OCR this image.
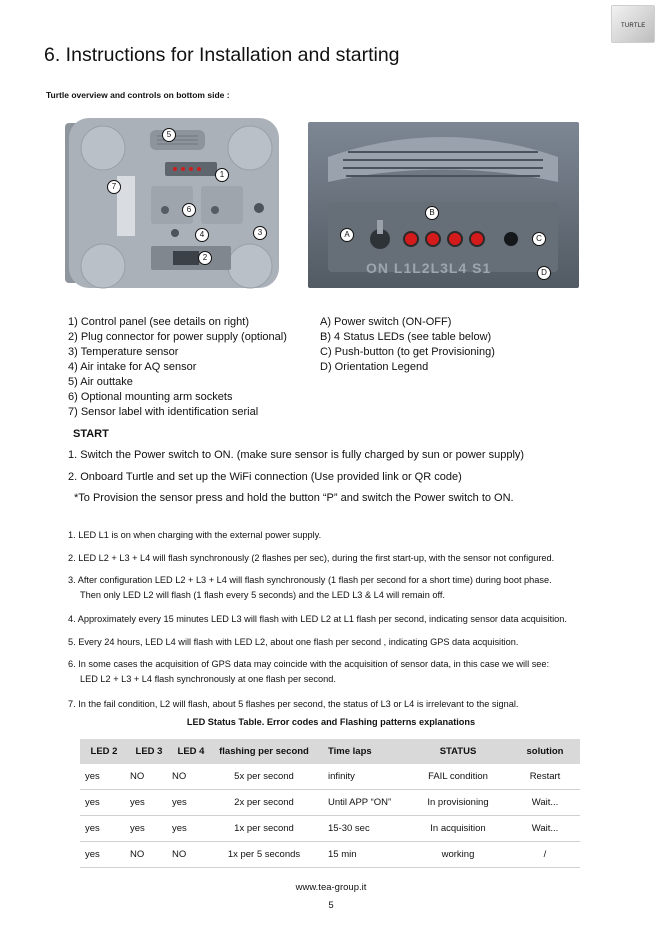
TURTLE
6. Instructions for Installation and starting
Turtle overview and controls on bottom side :
5
1
7
6
4	3
2
ON L1L2L3L4 S1
B
A	C
D
1) Control panel (see details on right)
2) Plug connector for power supply (optional)
3) Temperature sensor
4) Air intake for AQ sensor
5) Air outtake
6) Optional mounting arm sockets
7) Sensor label with identification serial
A) Power switch (ON-OFF)
B) 4 Status LEDs (see table below)
C) Push-button (to get Provisioning)
D) Orientation Legend
START
1. Switch the Power switch to ON. (make sure sensor is fully charged by sun or power supply)
2. Onboard Turtle and set up the WiFi connection (Use provided link or QR code)
*To Provision the sensor press and hold the button “P” and switch the Power switch to ON.
1. LED L1 is on when charging with the external power supply.
2. LED L2 + L3 + L4 will flash synchronously (2 flashes per sec), during the first start-up, with the sensor not configured.
3. After configuration LED L2 + L3 + L4 will flash synchronously (1 flash per second for a short time) during boot phase.
Then only LED L2 will flash (1 flash every 5 seconds) and the LED L3 & L4 will remain off.
4. Approximately every 15 minutes LED L3 will flash with LED L2 at L1 flash per second, indicating sensor data acquisition.
5. Every 24 hours, LED L4 will flash with LED L2, about one flash per second , indicating GPS data acquisition.
6. In some cases the acquisition of GPS data may coincide with the acquisition of sensor data, in this case we will see:
LED L2 + L3 + L4 flash synchronously at one flash per second.
7. In the fail condition, L2 will flash, about 5 flashes per second, the status of L3 or L4 is irrelevant to the signal.
LED Status Table. Error codes and Flashing patterns explanations
LED 2	LED 3	LED 4	flashing per second	Time laps	STATUS	solution
yes	NO	NO	5x per second	infinity	FAIL condition	Restart
yes	yes	yes	2x per second	Until APP “ON”	In provisioning	Wait...
yes	yes	yes	1x per second	15-30 sec	In acquisition	Wait...
yes	NO	NO	1x per 5 seconds	15 min	working	/
www.tea-group.it
5
